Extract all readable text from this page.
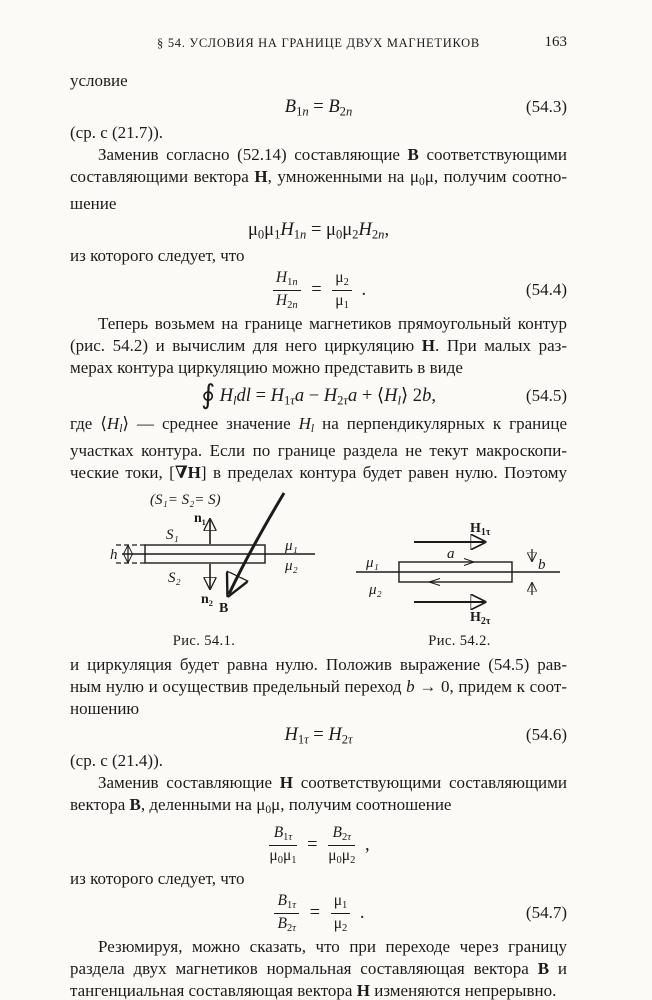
§ 54. УСЛОВИЯ НА ГРАНИЦЕ ДВУХ МАГНЕТИКОВ	163
условие
B1n = B2n	(54.3)
(ср. с (21.7)).
Заменив согласно (52.14) составляющие B соответствующими
составляющими вектора H, умноженными на μ0μ, получим соотно-
шение
μ0μ1H1n = μ0μ2H2n,
из которого следует, что
$\frac{H1n}{H2n} = \frac{\mu 2}{\mu 1}$ .	(54.4)
Теперь возьмем на границе магнетиков прямоугольный контур
(рис. 54.2) и вычислим для него циркуляцию H. При малых раз-
мерах контура циркуляцию можно представить в виде
∮ Hldl = H1τa − H2τa + ⟨Hl⟩ 2b,	(54.5)
где ⟨Hl⟩ — среднее значение Hl на перпендикулярных к границе
участках контура. Если по границе раздела не текут макроскопи-
ческие токи, [∇H] в пределах контура будет равен нулю. Поэтому
(S₁= S₂= S)
h
n₁
n₂
S₁
S₂
B
μ₁
μ₂
Рис. 54.1.
$H_{1\tau}$
a
μ₁
μ₂
b
$H_{2\tau}$
Рис. 54.2.
и циркуляция будет равна нулю. Положив выражение (54.5) рав-
ным нулю и осуществив предельный переход b → 0, придем к соот-
ношению
H1τ = H2τ	(54.6)
(ср. с (21.4)).
Заменив составляющие H соответствующими составляющими
вектора B, деленными на μ0μ, получим соотношение
$\frac{B1\tau}{\mu 0\mu 1} = \frac{B2\tau}{\mu 0\mu 2}$ ,
из которого следует, что
$\frac{B1\tau}{B2\tau} = \frac{\mu 1}{\mu 2}$ .	(54.7)
Резюмируя, можно сказать, что при переходе через границу
раздела двух магнетиков нормальная составляющая вектора B и
тангенциальная составляющая вектора H изменяются непрерывно.
